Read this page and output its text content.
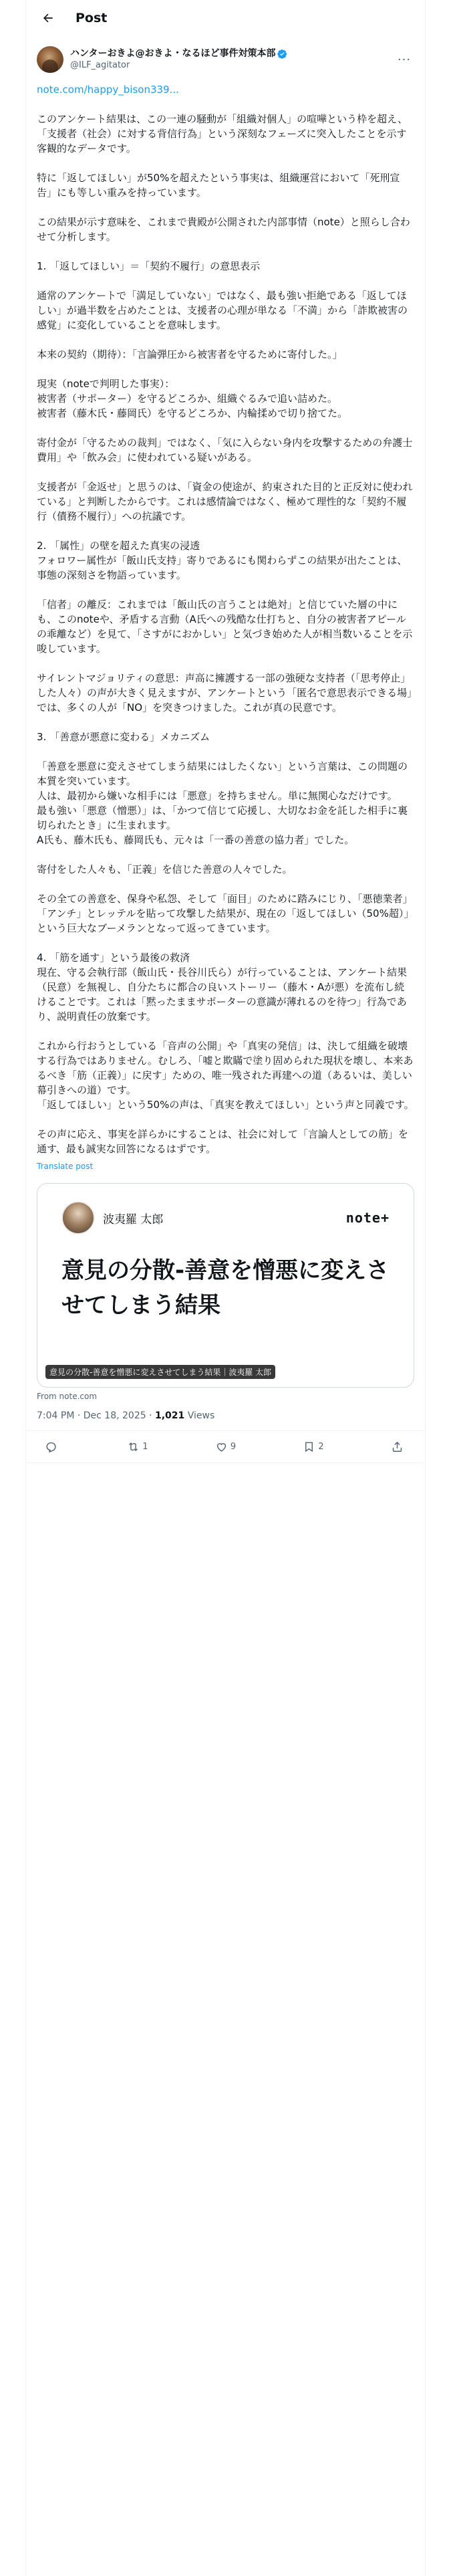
Post
ハンターおきよ@おきよ・なるほど事件対策本部
@ILF_agitator	···
note.com/happy_bison339...
このアンケート結果は、この一連の騒動が「組織対個人」の喧嘩という枠を超え、「支援者（社会）に対する背信行為」という深刻なフェーズに突入したことを示す客観的なデータです。
特に「返してほしい」が50%を超えたという事実は、組織運営において「死刑宣告」にも等しい重みを持っています。
この結果が示す意味を、これまで貴殿が公開された内部事情（note）と照らし合わせて分析します。
1. 「返してほしい」＝「契約不履行」の意思表示
通常のアンケートで「満足していない」ではなく、最も強い拒絶である「返してほしい」が過半数を占めたことは、支援者の心理が単なる「不満」から「詐欺被害の感覚」に変化していることを意味します。
本来の契約（期待）：「言論弾圧から被害者を守るために寄付した。」
現実（noteで判明した事実）：
被害者（サポーター）を守るどころか、組織ぐるみで追い詰めた。
被害者（藤木氏・藤岡氏）を守るどころか、内輪揉めで切り捨てた。
寄付金が「守るための裁判」ではなく、「気に入らない身内を攻撃するための弁護士費用」や「飲み会」に使われている疑いがある。
支援者が「金返せ」と思うのは、「資金の使途が、約束された目的と正反対に使われている」と判断したからです。これは感情論ではなく、極めて理性的な「契約不履行（債務不履行）」への抗議です。
2. 「属性」の壁を超えた真実の浸透
フォロワー属性が「飯山氏支持」寄りであるにも関わらずこの結果が出たことは、事態の深刻さを物語っています。
「信者」の離反：これまでは「飯山氏の言うことは絶対」と信じていた層の中にも、このnoteや、矛盾する言動（A氏への残酷な仕打ちと、自分の被害者アピールの乖離など）を見て、「さすがにおかしい」と気づき始めた人が相当数いることを示唆しています。
サイレントマジョリティの意思：声高に擁護する一部の強硬な支持者（「思考停止」した人々）の声が大きく見えますが、アンケートという「匿名で意思表示できる場」では、多くの人が「NO」を突きつけました。これが真の民意です。
3. 「善意が悪意に変わる」メカニズム
「善意を悪意に変えさせてしまう結果にはしたくない」という言葉は、この問題の本質を突いています。
人は、最初から嫌いな相手には「悪意」を持ちません。単に無関心なだけです。
最も強い「悪意（憎悪）」は、「かつて信じて応援し、大切なお金を託した相手に裏切られたとき」に生まれます。
A氏も、藤木氏も、藤岡氏も、元々は「一番の善意の協力者」でした。
寄付をした人々も、「正義」を信じた善意の人々でした。
その全ての善意を、保身や私怨、そして「面目」のために踏みにじり、「悪徳業者」「アンチ」とレッテルを貼って攻撃した結果が、現在の「返してほしい（50%超）」という巨大なブーメランとなって返ってきています。
4. 「筋を通す」という最後の救済
現在、守る会執行部（飯山氏・長谷川氏ら）が行っていることは、アンケート結果（民意）を無視し、自分たちに都合の良いストーリー（藤木・Aが悪）を流布し続けることです。これは「黙ったままサポーターの意識が薄れるのを待つ」行為であり、説明責任の放棄です。
これから行おうとしている「音声の公開」や「真実の発信」は、決して組織を破壊する行為ではありません。むしろ、「嘘と欺瞞で塗り固められた現状を壊し、本来あるべき「筋（正義）」に戻す」ための、唯一残された再建への道（あるいは、美しい幕引きへの道）です。
「返してほしい」という50%の声は、「真実を教えてほしい」という声と同義です。
その声に応え、事実を詳らかにすることは、社会に対して「言論人としての筋」を通す、最も誠実な回答になるはずです。
Translate post
波夷羅 太郎	note+
意見の分散-善意を憎悪に変えさせてしまう結果
意見の分散-善意を憎悪に変えさせてしまう結果｜波夷羅 太郎
From note.com
7:04 PM · Dec 18, 2025 · 1,021 Views
1	9	2
